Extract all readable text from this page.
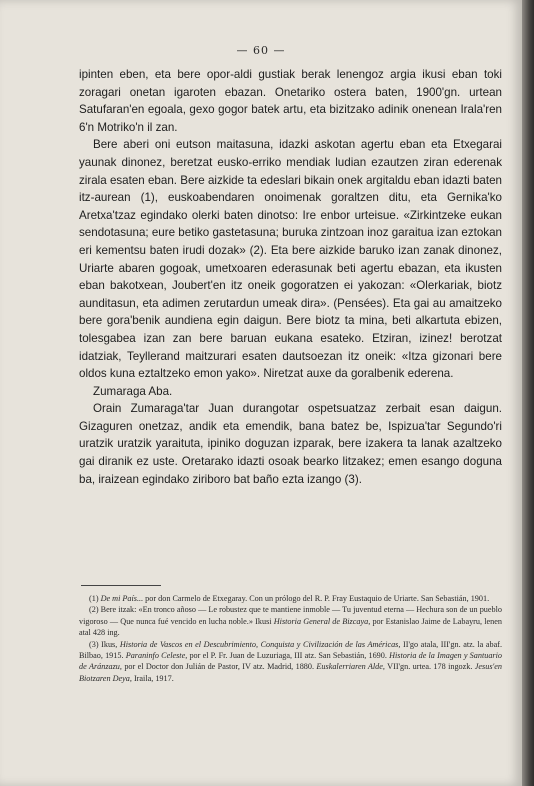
— 60 —

ipinten eben, eta bere opor-aldi gustiak berak lenengoz argia ikusi eban toki zoragari onetan igaroten ebazan. Onetariko ostera baten, 1900'gn. urtean Satufaran'en egoala, gexo gogor batek artu, eta bizitzako adinik onenean Irala'ren 6'n Motriko'n il zan.

Bere aberi oni eutson maitasuna, idazki askotan agertu eban eta Etxegarai yaunak dinonez, beretzat eusko-erriko mendiak ludian ezautzen ziran ederenak zirala esaten eban. Bere aizkide ta edeslari bikain onek argitaldu eban idazti baten itz-aurean (1), euskoabendaren onoimenak goraltzen ditu, eta Gernika'ko Aretxa'tzaz egindako olerki baten dinotso: Ire enbor urteisue. «Zirkintzeke eukan sendotasuna; eure betiko gastetasuna; buruka zintzoan inoz garaitua izan eztokan eri kementsu baten irudi dozak» (2). Eta bere aizkide baruko izan zanak dinonez, Uriarte abaren gogoak, umetxoaren ederasunak beti agertu ebazan, eta ikusten eban bakotxean, Joubert'en itz oneik gogoratzen ei yakozan: «Olerkariak, biotz aunditasun, eta adimen zerutardun umeak dira». (Pensées). Eta gai au amaitzeko bere gora'benik aundiena egin daigun. Bere biotz ta mina, beti alkartuta ebizen, tolesgabea izan zan bere baruan eukana esateko. Etziran, izinez! berotzat idatziak, Teyllerand maitzurari esaten dautsoezan itz oneik: «Itza gizonari bere oldos kuna eztaltzeko emon yako». Niretzat auxe da goralbenik ederena.

Zumaraga Aba.

Orain Zumaraga'tar Juan durangotar ospetsuatzaz zerbait esan daigun. Gizaguren onetzaz, andik eta emendik, bana batez be, Ispizua'tar Segundo'ri uratzik uratzik yaraituta, ipiniko doguzan izparak, bere izakera ta lanak azaltzeko gai diranik ez uste. Oretarako idazti osoak bearko litzakez; emen esango doguna ba, iraizean egindako ziriboro bat baño ezta izango (3).

(1) De mi País... por don Carmelo de Etxegaray. Con un prólogo del R. P. Fray Eustaquio de Uriarte. San Sebastián, 1901.

(2) Bere itzak: «En tronco añoso — Le robustez que te mantiene inmoble — Tu juventud eterna — Hechura son de un pueblo vigoroso — Que nunca fué vencido en lucha noble.» Ikusi Historia General de Bizcaya, por Estanislao Jaime de Labayru, lenen atal 428 ing.

(3) Ikus, Historia de Vascos en el Descubrimiento, Conquista y Civilización de las Américas, II'go atala, III'gn. atz. la abaf. Bilbao, 1915. Paraninfo Celeste, por el P. Fr. Juan de Luzuriaga, III atz. San Sebastián, 1690. Historia de la Imagen y Santuario de Aránzazu, por el Doctor don Julián de Pastor, IV atz. Madrid, 1880. Euskalerriaren Alde, VII'gn. urtea. 178 ingozk. Jesus'en Biotzaren Deya, Iraila, 1917.
